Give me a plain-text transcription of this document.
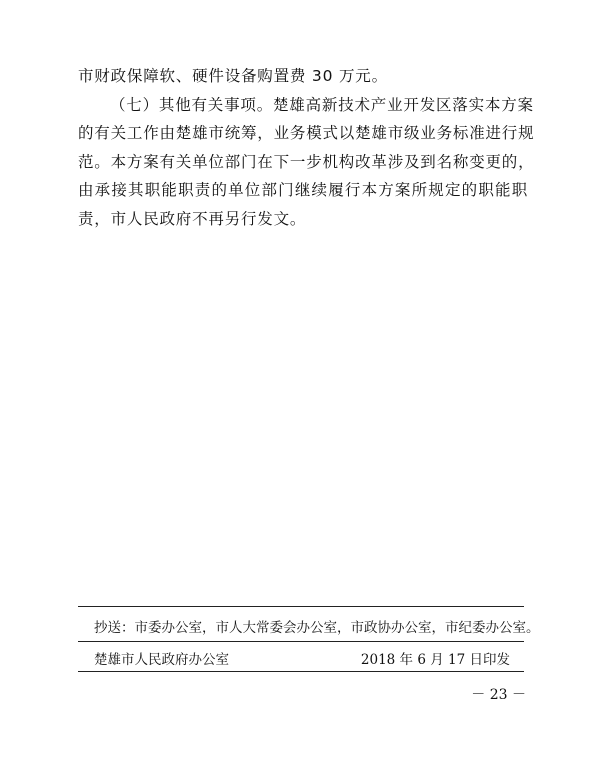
市财政保障软、硬件设备购置费 30 万元。
（七）其他有关事项。楚雄高新技术产业开发区落实本方案
的有关工作由楚雄市统筹，业务模式以楚雄市级业务标准进行规
范。本方案有关单位部门在下一步机构改革涉及到名称变更的，
由承接其职能职责的单位部门继续履行本方案所规定的职能职
责，市人民政府不再另行发文。
抄送：市委办公室，市人大常委会办公室，市政协办公室，市纪委办公室。
楚雄市人民政府办公室	2018 年 6 月 17 日印发
－ 23 －
